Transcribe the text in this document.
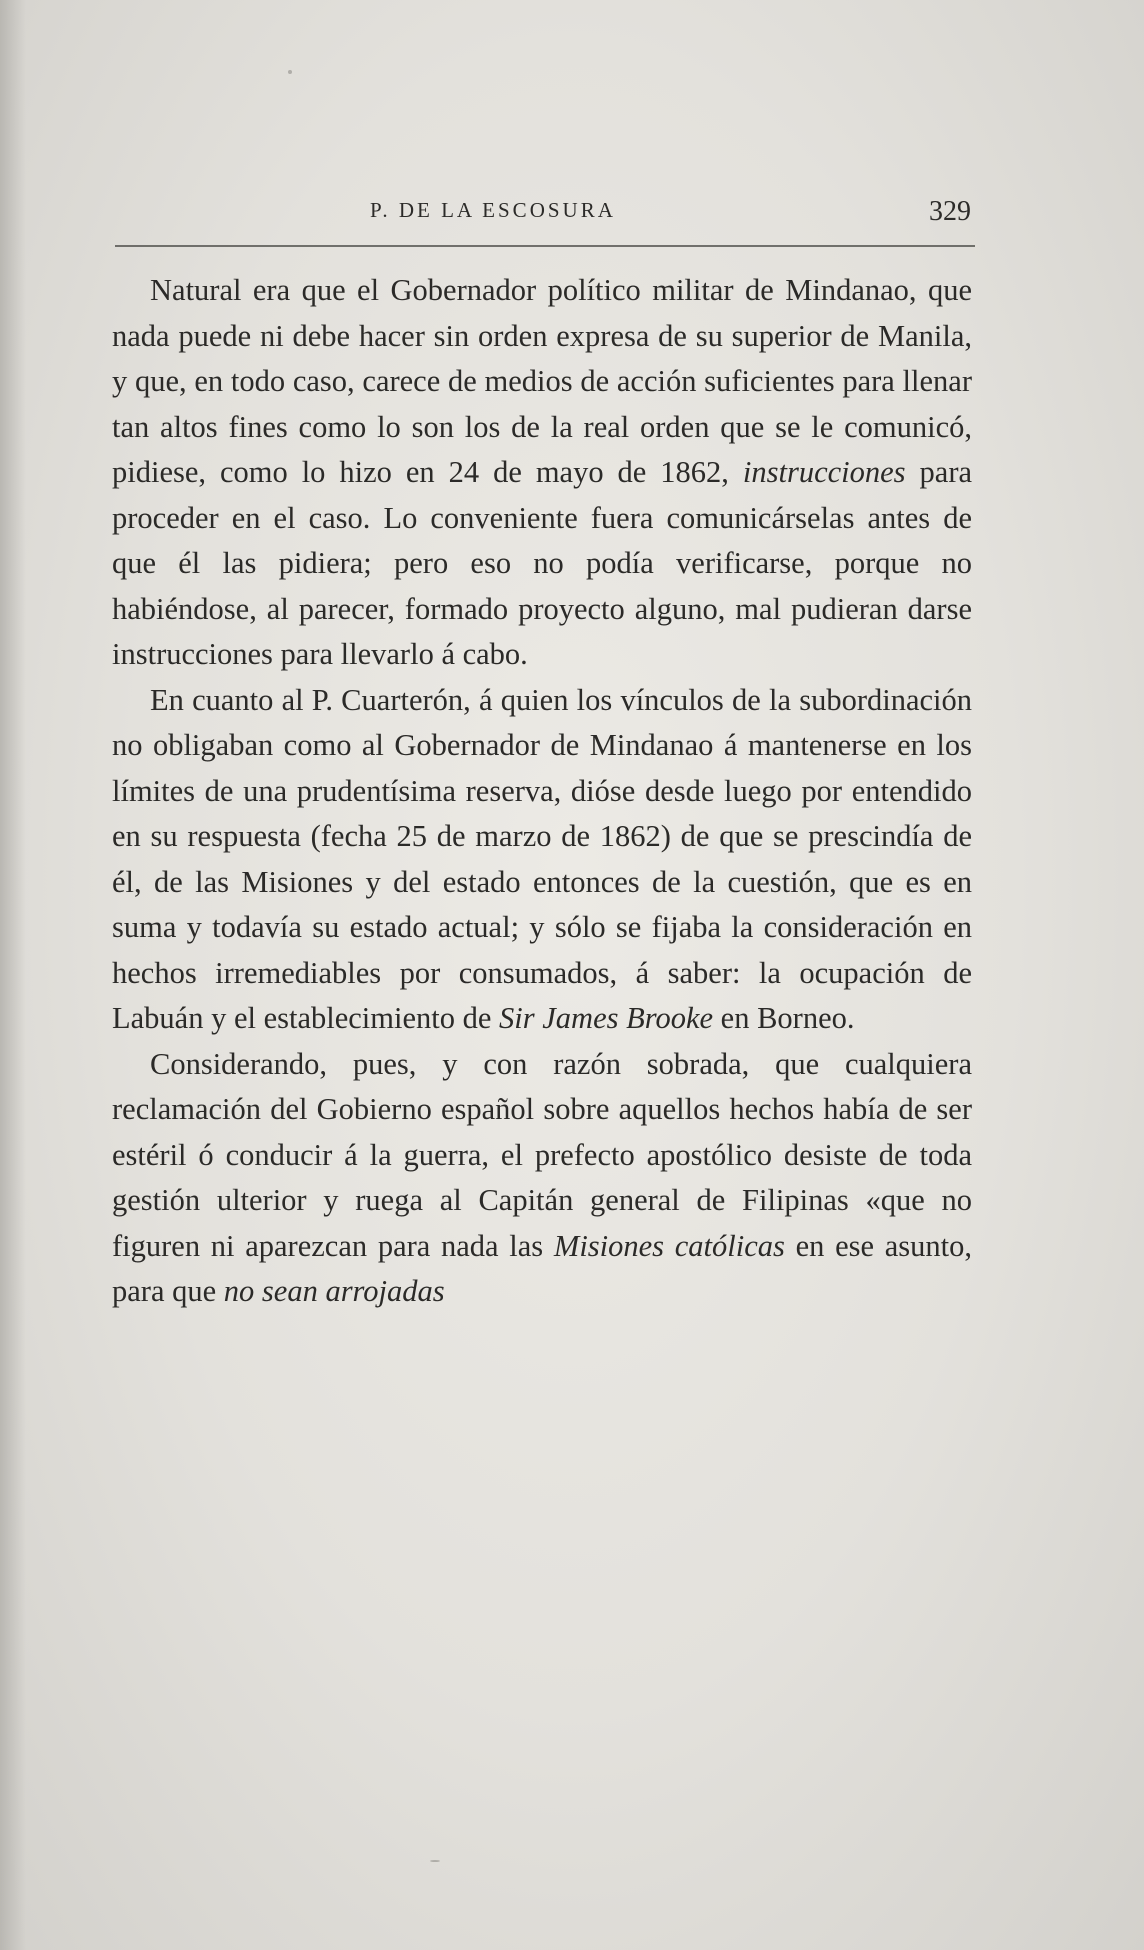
P. DE LA ESCOSURA	329

Natural era que el Gobernador político militar de Mindanao, que nada puede ni debe hacer sin orden expresa de su superior de Manila, y que, en todo caso, carece de medios de acción suficientes para llenar tan altos fines como lo son los de la real orden que se le comunicó, pidiese, como lo hizo en 24 de mayo de 1862, instrucciones para proceder en el caso. Lo conveniente fuera comunicárselas antes de que él las pidiera; pero eso no podía verificarse, porque no habiéndose, al parecer, formado proyecto alguno, mal pudieran darse instrucciones para llevarlo á cabo.

En cuanto al P. Cuarterón, á quien los vínculos de la subordinación no obligaban como al Gobernador de Mindanao á mantenerse en los límites de una prudentísima reserva, dióse desde luego por entendido en su respuesta (fecha 25 de marzo de 1862) de que se prescindía de él, de las Misiones y del estado entonces de la cuestión, que es en suma y todavía su estado actual; y sólo se fijaba la consideración en hechos irremediables por consumados, á saber: la ocupación de Labuán y el establecimiento de Sir James Brooke en Borneo.

Considerando, pues, y con razón sobrada, que cualquiera reclamación del Gobierno español sobre aquellos hechos había de ser estéril ó conducir á la guerra, el prefecto apostólico desiste de toda gestión ulterior y ruega al Capitán general de Filipinas «que no figuren ni aparezcan para nada las Misiones católicas en ese asunto, para que no sean arrojadas
